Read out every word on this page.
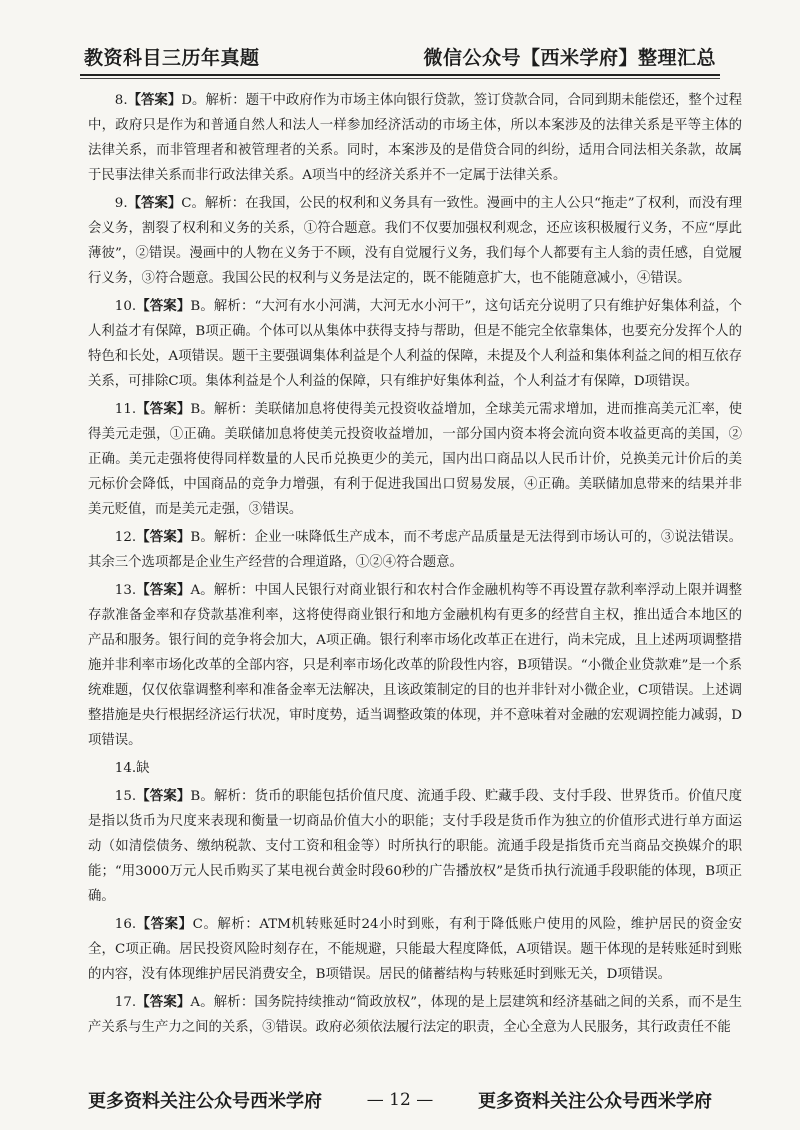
教资科目三历年真题	微信公众号【西米学府】整理汇总

8.【答案】D。解析：题干中政府作为市场主体向银行贷款，签订贷款合同，合同到期未能偿还，整个过程中，政府只是作为和普通自然人和法人一样参加经济活动的市场主体，所以本案涉及的法律关系是平等主体的法律关系，而非管理者和被管理者的关系。同时，本案涉及的是借贷合同的纠纷，适用合同法相关条款，故属于民事法律关系而非行政法律关系。A项当中的经济关系并不一定属于法律关系。

9.【答案】C。解析：在我国，公民的权利和义务具有一致性。漫画中的主人公只“拖走”了权利，而没有理会义务，割裂了权利和义务的关系，①符合题意。我们不仅要加强权利观念，还应该积极履行义务，不应“厚此薄彼”，②错误。漫画中的人物在义务于不顾，没有自觉履行义务，我们每个人都要有主人翁的责任感，自觉履行义务，③符合题意。我国公民的权利与义务是法定的，既不能随意扩大，也不能随意减小，④错误。

10.【答案】B。解析：“大河有水小河满，大河无水小河干”，这句话充分说明了只有维护好集体利益，个人利益才有保障，B项正确。个体可以从集体中获得支持与帮助，但是不能完全依靠集体，也要充分发挥个人的特色和长处，A项错误。题干主要强调集体利益是个人利益的保障，未提及个人利益和集体利益之间的相互依存关系，可排除C项。集体利益是个人利益的保障，只有维护好集体利益，个人利益才有保障，D项错误。

11.【答案】B。解析：美联储加息将使得美元投资收益增加，全球美元需求增加，进而推高美元汇率，使得美元走强，①正确。美联储加息将使美元投资收益增加，一部分国内资本将会流向资本收益更高的美国，②正确。美元走强将使得同样数量的人民币兑换更少的美元，国内出口商品以人民币计价，兑换美元计价后的美元标价会降低，中国商品的竞争力增强，有利于促进我国出口贸易发展，④正确。美联储加息带来的结果并非美元贬值，而是美元走强，③错误。

12.【答案】B。解析：企业一味降低生产成本，而不考虑产品质量是无法得到市场认可的，③说法错误。其余三个选项都是企业生产经营的合理道路，①②④符合题意。

13.【答案】A。解析：中国人民银行对商业银行和农村合作金融机构等不再设置存款利率浮动上限并调整存款准备金率和存贷款基准利率，这将使得商业银行和地方金融机构有更多的经营自主权，推出适合本地区的产品和服务。银行间的竞争将会加大，A项正确。银行利率市场化改革正在进行，尚未完成，且上述两项调整措施并非利率市场化改革的全部内容，只是利率市场化改革的阶段性内容，B项错误。“小微企业贷款难”是一个系统难题，仅仅依靠调整利率和准备金率无法解决，且该政策制定的目的也并非针对小微企业，C项错误。上述调整措施是央行根据经济运行状况，审时度势，适当调整政策的体现，并不意味着对金融的宏观调控能力减弱，D项错误。

14.缺

15.【答案】B。解析：货币的职能包括价值尺度、流通手段、贮藏手段、支付手段、世界货币。价值尺度是指以货币为尺度来表现和衡量一切商品价值大小的职能；支付手段是货币作为独立的价值形式进行单方面运动（如清偿债务、缴纳税款、支付工资和租金等）时所执行的职能。流通手段是指货币充当商品交换媒介的职能；“用3000万元人民币购买了某电视台黄金时段60秒的广告播放权”是货币执行流通手段职能的体现，B项正确。

16.【答案】C。解析：ATM机转账延时24小时到账，有利于降低账户使用的风险，维护居民的资金安全，C项正确。居民投资风险时刻存在，不能规避，只能最大程度降低，A项错误。题干体现的是转账延时到账的内容，没有体现维护居民消费安全，B项错误。居民的储蓄结构与转账延时到账无关，D项错误。

17.【答案】A。解析：国务院持续推动“简政放权”，体现的是上层建筑和经济基础之间的关系，而不是生产关系与生产力之间的关系，③错误。政府必须依法履行法定的职责，全心全意为人民服务，其行政责任不能

更多资料关注公众号西米学府	— 12 — 更多资料关注公众号西米学府
